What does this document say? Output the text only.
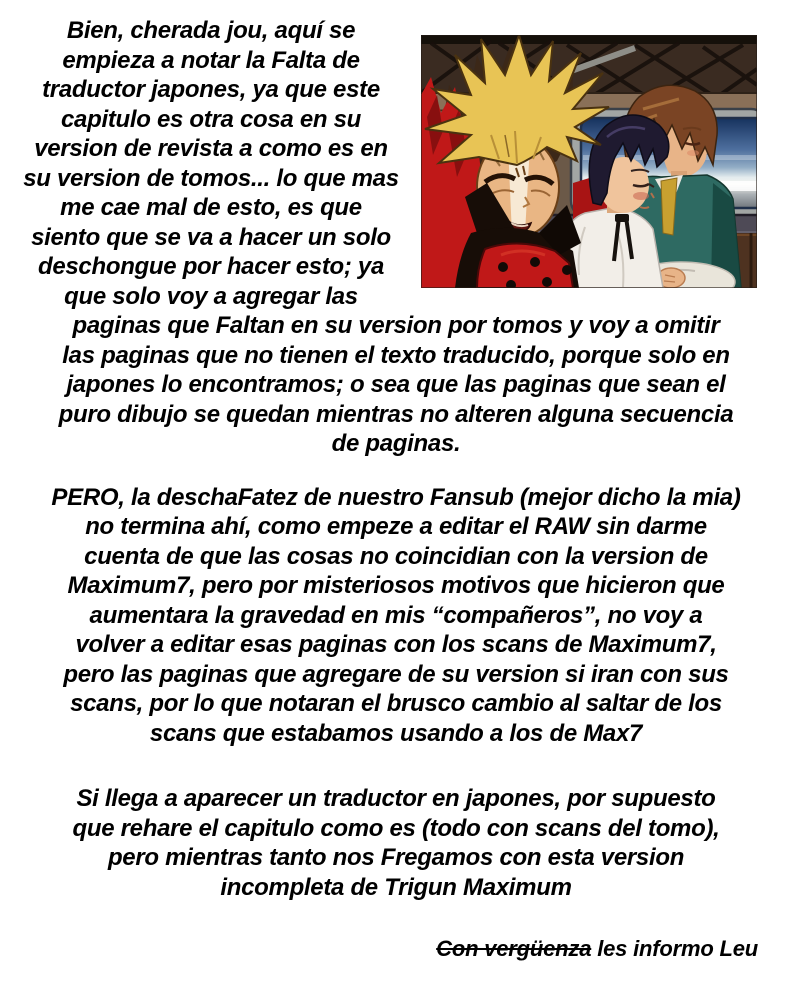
Bien, cherada jou, aquí se
empieza a notar la Falta de
traductor japones, ya que este
capitulo es otra cosa en su
version de revista a como es en
su version de tomos... lo que mas
me cae mal de esto, es que
siento que se va a hacer un solo
deschongue por hacer esto; ya
que solo voy a agregar las
paginas que Faltan en su version por tomos y voy a omitir
las paginas que no tienen el texto traducido, porque solo en
japones lo encontramos; o sea que las paginas que sean el
puro dibujo se quedan mientras no alteren alguna secuencia
de paginas.
PERO, la deschaFatez de nuestro Fansub (mejor dicho la mia)
no termina ahí, como empeze a editar el RAW sin darme
cuenta de que las cosas no coincidian con la version de
Maximum7, pero por misteriosos motivos que hicieron que
aumentara la gravedad en mis “compañeros”, no voy a
volver a editar esas paginas con los scans de Maximum7,
pero las paginas que agregare de su version si iran con sus
scans, por lo que notaran el brusco cambio al saltar de los
scans que estabamos usando a los de Max7
Si llega a aparecer un traductor en japones, por supuesto
que rehare el capitulo como es (todo con scans del tomo),
pero mientras tanto nos Fregamos con esta version
incompleta de Trigun Maximum
Con vergüenza les informo Leu
